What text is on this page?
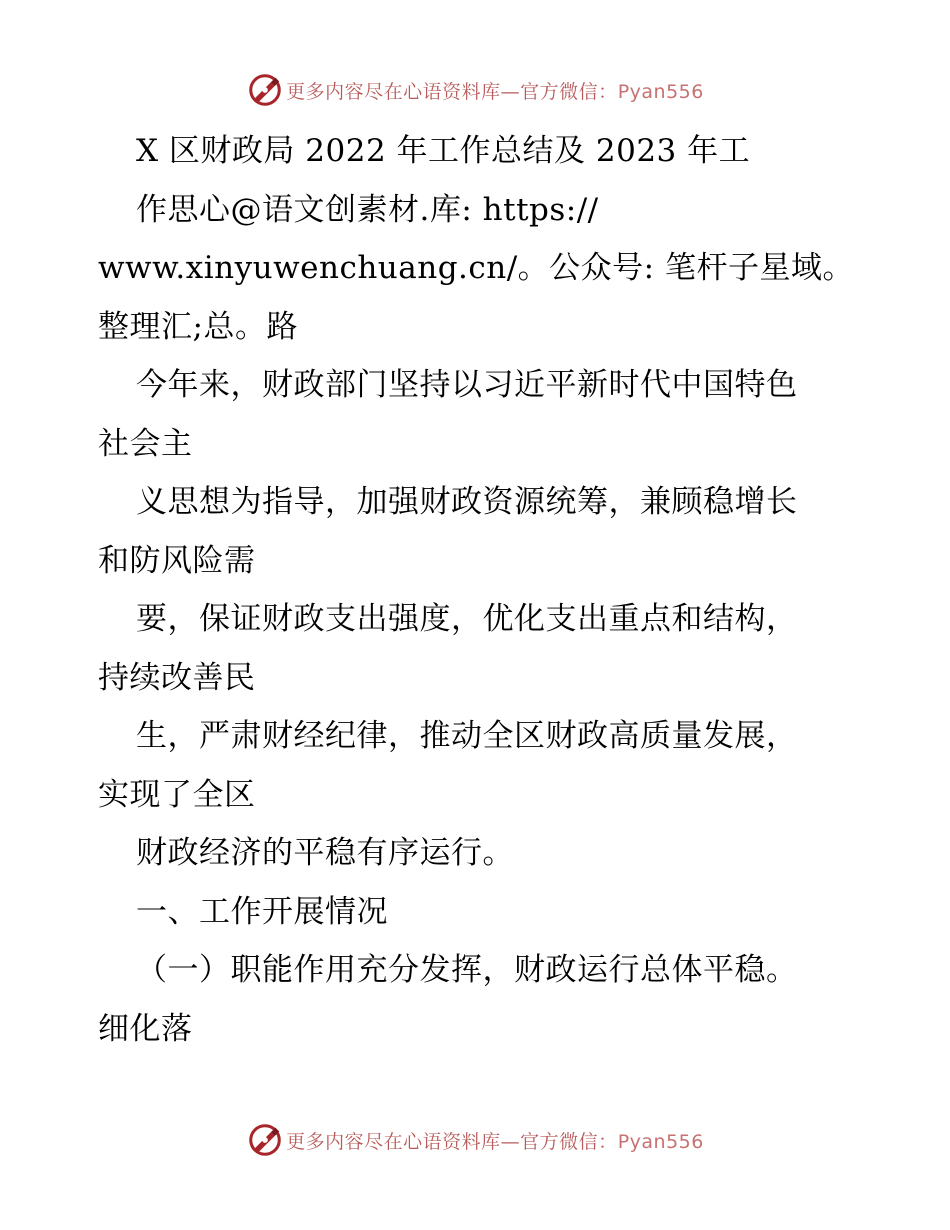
更多内容尽在心语资料库—官方微信：Pyan556
X 区财政局 2022 年工作总结及 2023 年工
作思心@语文创素材.库: https://
www.xinyuwenchuang.cn/。公众号: 笔杆子星域。
整理汇;总。路
今年来，财政部门坚持以习近平新时代中国特色
社会主
义思想为指导，加强财政资源统筹，兼顾稳增长
和防风险需
要，保证财政支出强度，优化支出重点和结构，
持续改善民
生，严肃财经纪律，推动全区财政高质量发展，
实现了全区
财政经济的平稳有序运行。
一、工作开展情况
（一）职能作用充分发挥，财政运行总体平稳。
细化落
更多内容尽在心语资料库—官方微信：Pyan556
